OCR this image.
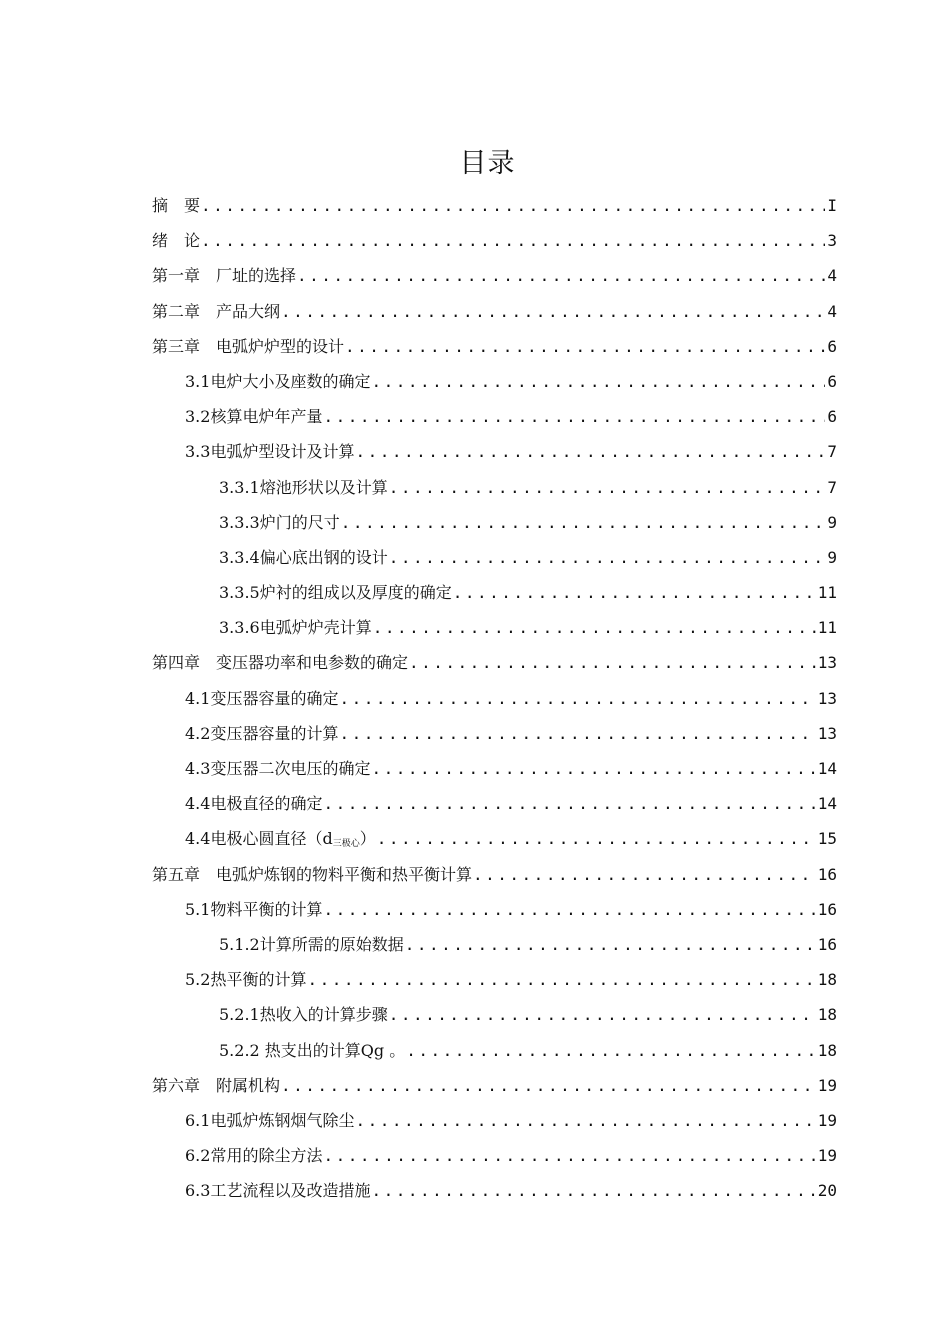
目录
摘　要 .....	I
绪　论 .....	3
第一章　厂址的选择 .....	4
第二章　产品大纲 .....	4
第三章　电弧炉炉型的设计 .....	6
3.1电炉大小及座数的确定 .....	6
3.2核算电炉年产量 .....	6
3.3电弧炉型设计及计算 .....	7
3.3.1熔池形状以及计算 .....	7
3.3.3炉门的尺寸 .....	9
3.3.4偏心底出钢的设计 .....	9
3.3.5炉衬的组成以及厚度的确定 .....	11
3.3.6电弧炉炉壳计算 .....	11
第四章　变压器功率和电参数的确定 .....	13
4.1变压器容量的确定 .....	13
4.2变压器容量的计算 .....	13
4.3变压器二次电压的确定 .....	14
4.4电极直径的确定 .....	14
4.4电极心圆直径$(d_{三极心})$ .....	15
第五章　电弧炉炼钢的物料平衡和热平衡计算 .....	16
5.1物料平衡的计算 .....	16
5.1.2计算所需的原始数据 .....	16
5.2热平衡的计算 .....	18
5.2.1热收入的计算步骤 .....	18
5.2.2 热支出的计算Qg 。 .....	18
第六章　附属机构 .....	19
6.1电弧炉炼钢烟气除尘 .....	19
6.2常用的除尘方法 .....	19
6.3工艺流程以及改造措施 .....	20
